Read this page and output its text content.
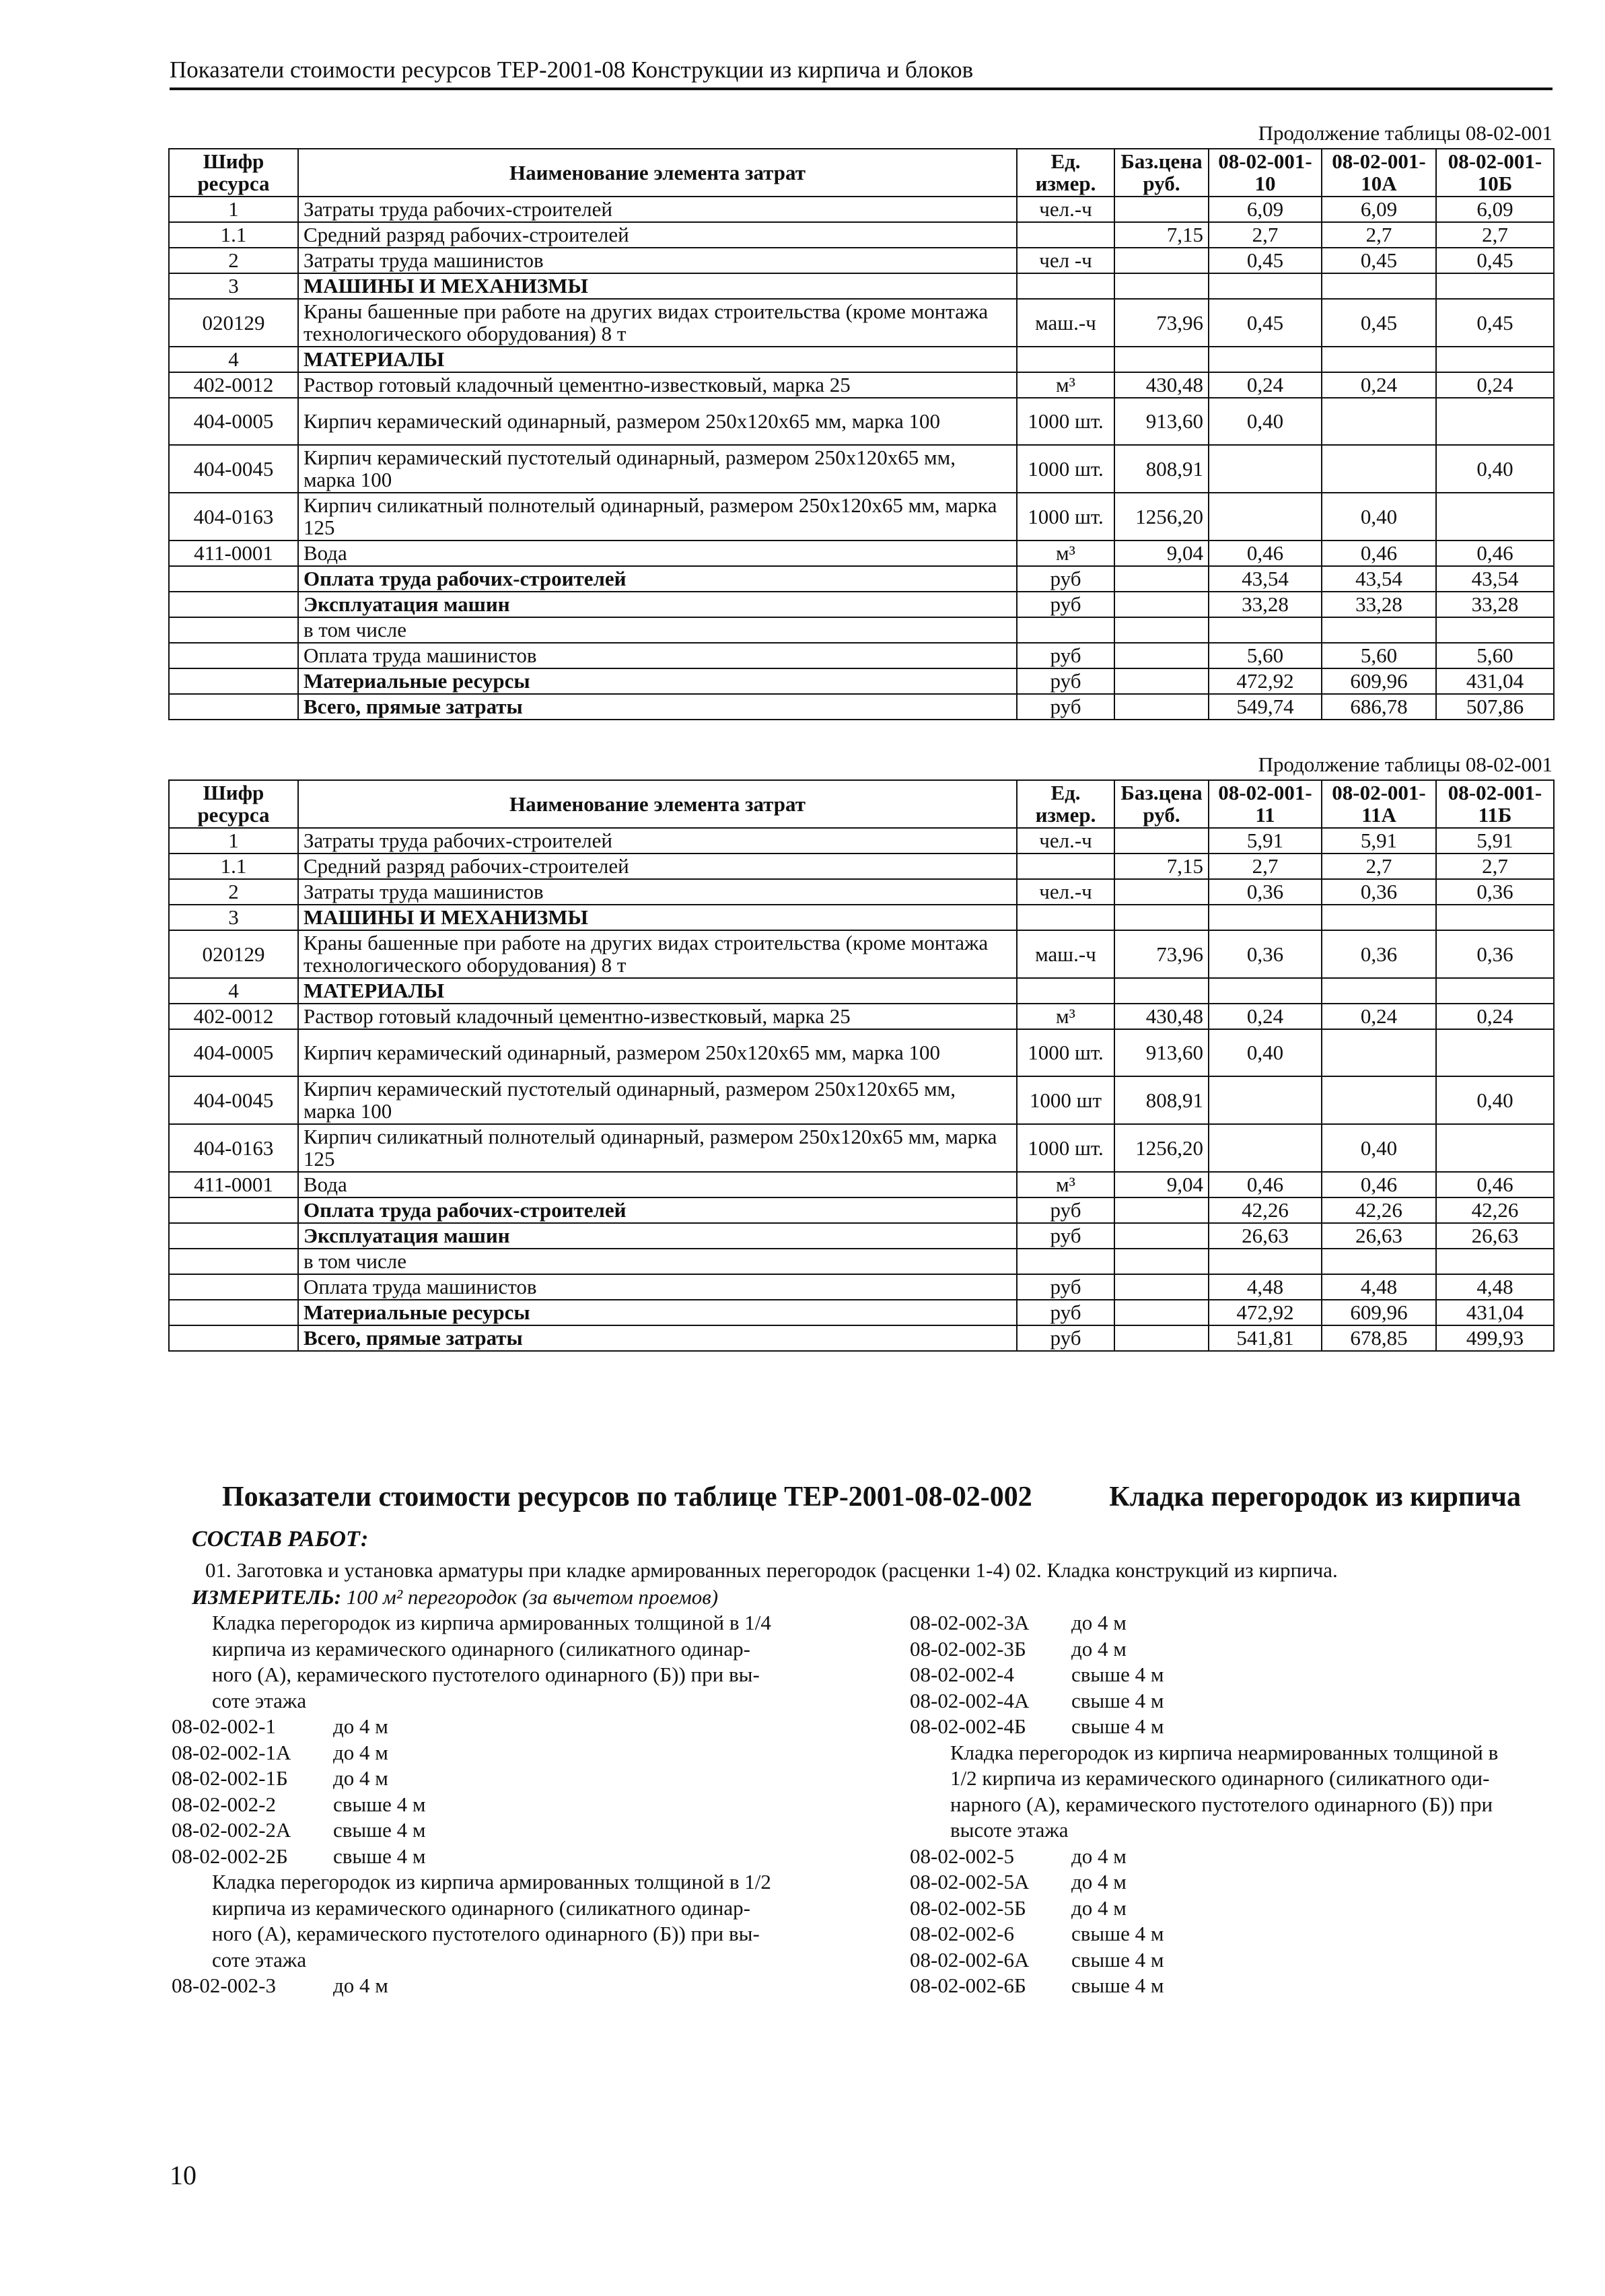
Показатели стоимости ресурсов ТЕР-2001-08 Конструкции из кирпича и блоков
Продолжение таблицы 08-02-001
Шифр ресурса	Наименование элемента затрат	Ед. измер.	Баз.цена руб.	08-02-001-10	08-02-001-10А	08-02-001-10Б
1	Затраты труда рабочих-строителей	чел.-ч		6,09	6,09	6,09
1.1	Средний разряд рабочих-строителей		7,15	2,7	2,7	2,7
2	Затраты труда машинистов	чел -ч		0,45	0,45	0,45
3	МАШИНЫ И МЕХАНИЗМЫ					
020129	Краны башенные при работе на других видах строительства (кроме монтажа технологического оборудования) 8 т	маш.-ч	73,96	0,45	0,45	0,45
4	МАТЕРИАЛЫ					
402-0012	Раствор готовый кладочный цементно-известковый, марка 25	м³	430,48	0,24	0,24	0,24
404-0005	Кирпич керамический одинарный, размером 250х120х65 мм, марка 100	1000 шт.	913,60	0,40		
404-0045	Кирпич керамический пустотелый одинарный, размером 250х120х65 мм, марка 100	1000 шт.	808,91			0,40
404-0163	Кирпич силикатный полнотелый одинарный, размером 250х120х65 мм, марка 125	1000 шт.	1256,20		0,40	
411-0001	Вода	м³	9,04	0,46	0,46	0,46
	Оплата труда рабочих-строителей	руб		43,54	43,54	43,54
	Эксплуатация машин	руб		33,28	33,28	33,28
	в том числе					
	Оплата труда машинистов	руб		5,60	5,60	5,60
	Материальные ресурсы	руб		472,92	609,96	431,04
	Всего, прямые затраты	руб		549,74	686,78	507,86
Продолжение таблицы 08-02-001
Шифр ресурса	Наименование элемента затрат	Ед. измер.	Баз.цена руб.	08-02-001-11	08-02-001-11А	08-02-001-11Б
1	Затраты труда рабочих-строителей	чел.-ч		5,91	5,91	5,91
1.1	Средний разряд рабочих-строителей		7,15	2,7	2,7	2,7
2	Затраты труда машинистов	чел.-ч		0,36	0,36	0,36
3	МАШИНЫ И МЕХАНИЗМЫ					
020129	Краны башенные при работе на других видах строительства (кроме монтажа технологического оборудования) 8 т	маш.-ч	73,96	0,36	0,36	0,36
4	МАТЕРИАЛЫ					
402-0012	Раствор готовый кладочный цементно-известковый, марка 25	м³	430,48	0,24	0,24	0,24
404-0005	Кирпич керамический одинарный, размером 250х120х65 мм, марка 100	1000 шт.	913,60	0,40		
404-0045	Кирпич керамический пустотелый одинарный, размером 250х120х65 мм, марка 100	1000 шт	808,91			0,40
404-0163	Кирпич силикатный полнотелый одинарный, размером 250х120х65 мм, марка 125	1000 шт.	1256,20		0,40	
411-0001	Вода	м³	9,04	0,46	0,46	0,46
	Оплата труда рабочих-строителей	руб		42,26	42,26	42,26
	Эксплуатация машин	руб		26,63	26,63	26,63
	в том числе					
	Оплата труда машинистов	руб		4,48	4,48	4,48
	Материальные ресурсы	руб		472,92	609,96	431,04
	Всего, прямые затраты	руб		541,81	678,85	499,93
Показатели стоимости ресурсов по таблице ТЕР-2001-08-02-002	Кладка перегородок из кирпича
СОСТАВ РАБОТ:
01. Заготовка и установка арматуры при кладке армированных перегородок (расценки 1-4) 02. Кладка конструкций из кирпича.
ИЗМЕРИТЕЛЬ: 100 м² перегородок (за вычетом проемов)
Кладка перегородок из кирпича армированных толщиной в 1/4
кирпича из керамического одинарного (силикатного одинар-
ного (А), керамического пустотелого одинарного (Б)) при вы-
соте этажа
08-02-002-1	до 4 м
08-02-002-1А до 4 м
08-02-002-1Б до 4 м
08-02-002-2	свыше 4 м
08-02-002-2А свыше 4 м
08-02-002-2Б свыше 4 м
Кладка перегородок из кирпича армированных толщиной в 1/2
кирпича из керамического одинарного (силикатного одинар-
ного (А), керамического пустотелого одинарного (Б)) при вы-
соте этажа
08-02-002-3	до 4 м
08-02-002-3А до 4 м
08-02-002-3Б до 4 м
08-02-002-4	свыше 4 м
08-02-002-4А свыше 4 м
08-02-002-4Б свыше 4 м
Кладка перегородок из кирпича неармированных толщиной в
1/2 кирпича из керамического одинарного (силикатного оди-
нарного (А), керамического пустотелого одинарного (Б)) при
высоте этажа
08-02-002-5	до 4 м
08-02-002-5А до 4 м
08-02-002-5Б до 4 м
08-02-002-6	свыше 4 м
08-02-002-6А свыше 4 м
08-02-002-6Б свыше 4 м
10
